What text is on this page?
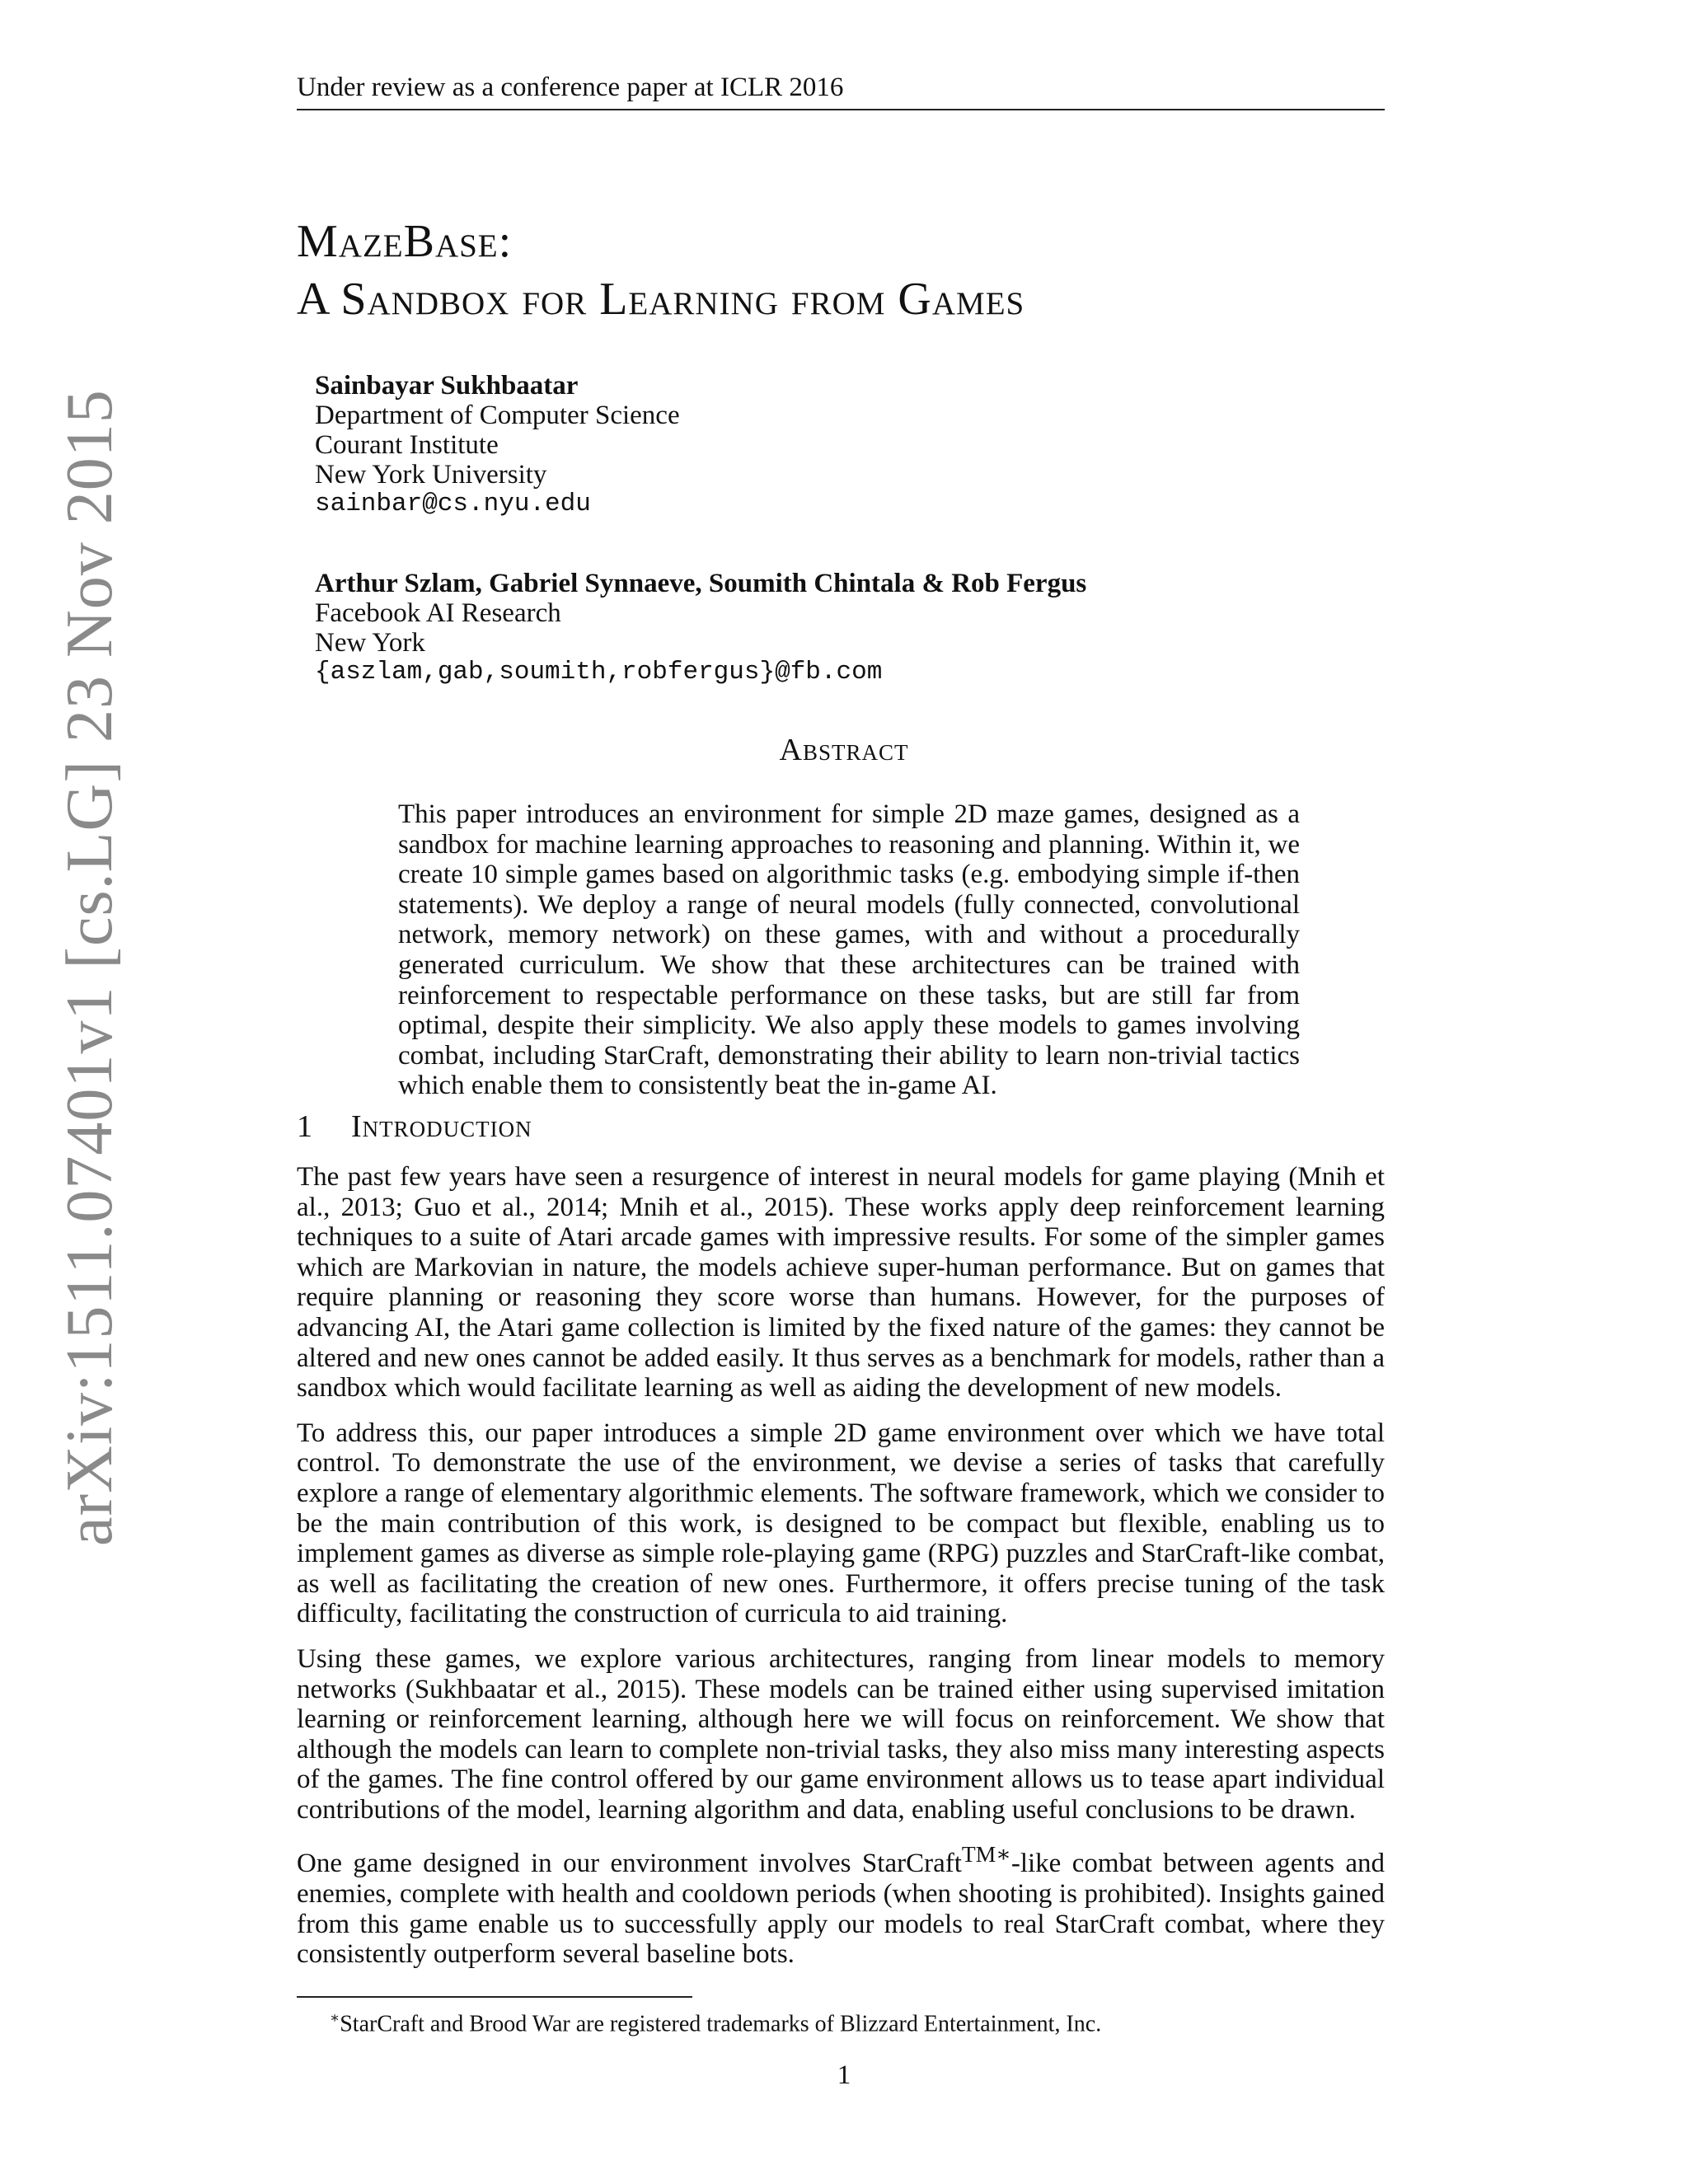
arXiv:1511.07401v1 [cs.LG] 23 Nov 2015
Under review as a conference paper at ICLR 2016
MazeBase:
A Sandbox for Learning from Games
Sainbayar Sukhbaatar
Department of Computer Science
Courant Institute
New York University
sainbar@cs.nyu.edu
Arthur Szlam, Gabriel Synnaeve, Soumith Chintala & Rob Fergus
Facebook AI Research
New York
{aszlam,gab,soumith,robfergus}@fb.com
Abstract
This paper introduces an environment for simple 2D maze games, designed as a sandbox for machine learning approaches to reasoning and planning. Within it, we create 10 simple games based on algorithmic tasks (e.g. embodying simple if-then statements). We deploy a range of neural models (fully connected, convolutional network, memory network) on these games, with and without a procedurally generated curriculum. We show that these architectures can be trained with reinforcement to respectable performance on these tasks, but are still far from optimal, despite their simplicity. We also apply these models to games involving combat, including StarCraft, demonstrating their ability to learn non-trivial tactics which enable them to consistently beat the in-game AI.
1 Introduction

The past few years have seen a resurgence of interest in neural models for game playing (Mnih et al., 2013; Guo et al., 2014; Mnih et al., 2015). These works apply deep reinforcement learning techniques to a suite of Atari arcade games with impressive results. For some of the simpler games which are Markovian in nature, the models achieve super-human performance. But on games that require planning or reasoning they score worse than humans. However, for the purposes of advancing AI, the Atari game collection is limited by the fixed nature of the games: they cannot be altered and new ones cannot be added easily. It thus serves as a benchmark for models, rather than a sandbox which would facilitate learning as well as aiding the development of new models.

To address this, our paper introduces a simple 2D game environment over which we have total control. To demonstrate the use of the environment, we devise a series of tasks that carefully explore a range of elementary algorithmic elements. The software framework, which we consider to be the main contribution of this work, is designed to be compact but flexible, enabling us to implement games as diverse as simple role-playing game (RPG) puzzles and StarCraft-like combat, as well as facilitating the creation of new ones. Furthermore, it offers precise tuning of the task difficulty, facilitating the construction of curricula to aid training.

Using these games, we explore various architectures, ranging from linear models to memory networks (Sukhbaatar et al., 2015). These models can be trained either using supervised imitation learning or reinforcement learning, although here we will focus on reinforcement. We show that although the models can learn to complete non-trivial tasks, they also miss many interesting aspects of the games. The fine control offered by our game environment allows us to tease apart individual contributions of the model, learning algorithm and data, enabling useful conclusions to be drawn.

One game designed in our environment involves StarCraft$^{TM∗}$-like combat between agents and enemies, complete with health and cooldown periods (when shooting is prohibited). Insights gained from this game enable us to successfully apply our models to real StarCraft combat, where they consistently outperform several baseline bots.

∗StarCraft and Brood War are registered trademarks of Blizzard Entertainment, Inc.
1
